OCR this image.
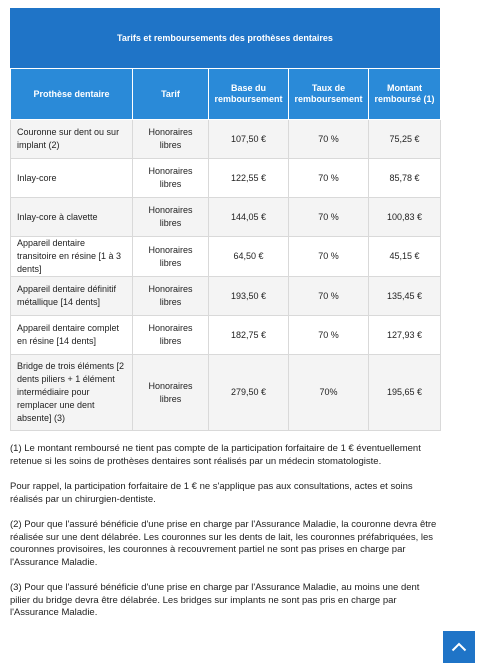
Tarifs et remboursements des prothèses dentaires
Prothèse dentaire	Tarif	Base du remboursement	Taux de remboursement	Montant remboursé (1)
Couronne sur dent ou sur implant (2)	Honoraires libres	107,50 €	70 %	75,25 €
Inlay-core	Honoraires libres	122,55 €	70 %	85,78 €
Inlay-core à clavette	Honoraires libres	144,05 €	70 %	100,83 €
Appareil dentaire transitoire en résine [1 à 3 dents]	Honoraires libres	64,50 €	70 %	45,15 €
Appareil dentaire définitif métallique [14 dents]	Honoraires libres	193,50 €	70 %	135,45 €
Appareil dentaire complet en résine [14 dents]	Honoraires libres	182,75 €	70 %	127,93 €
Bridge de trois éléments [2 dents piliers + 1 élément intermédiaire pour remplacer une dent absente] (3)	Honoraires libres	279,50 €	70%	195,65 €

(1) Le montant remboursé ne tient pas compte de la participation forfaitaire de 1 € éventuellement retenue si les soins de prothèses dentaires sont réalisés par un médecin stomatologiste.

Pour rappel, la participation forfaitaire de 1 € ne s'applique pas aux consultations, actes et soins réalisés par un chirurgien-dentiste.

(2) Pour que l'assuré bénéficie d'une prise en charge par l'Assurance Maladie, la couronne devra être réalisée sur une dent délabrée. Les couronnes sur les dents de lait, les couronnes préfabriquées, les couronnes provisoires, les couronnes à recouvrement partiel ne sont pas prises en charge par l'Assurance Maladie.

(3) Pour que l'assuré bénéficie d'une prise en charge par l'Assurance Maladie, au moins une dent pilier du bridge devra être délabrée. Les bridges sur implants ne sont pas pris en charge par l'Assurance Maladie.
